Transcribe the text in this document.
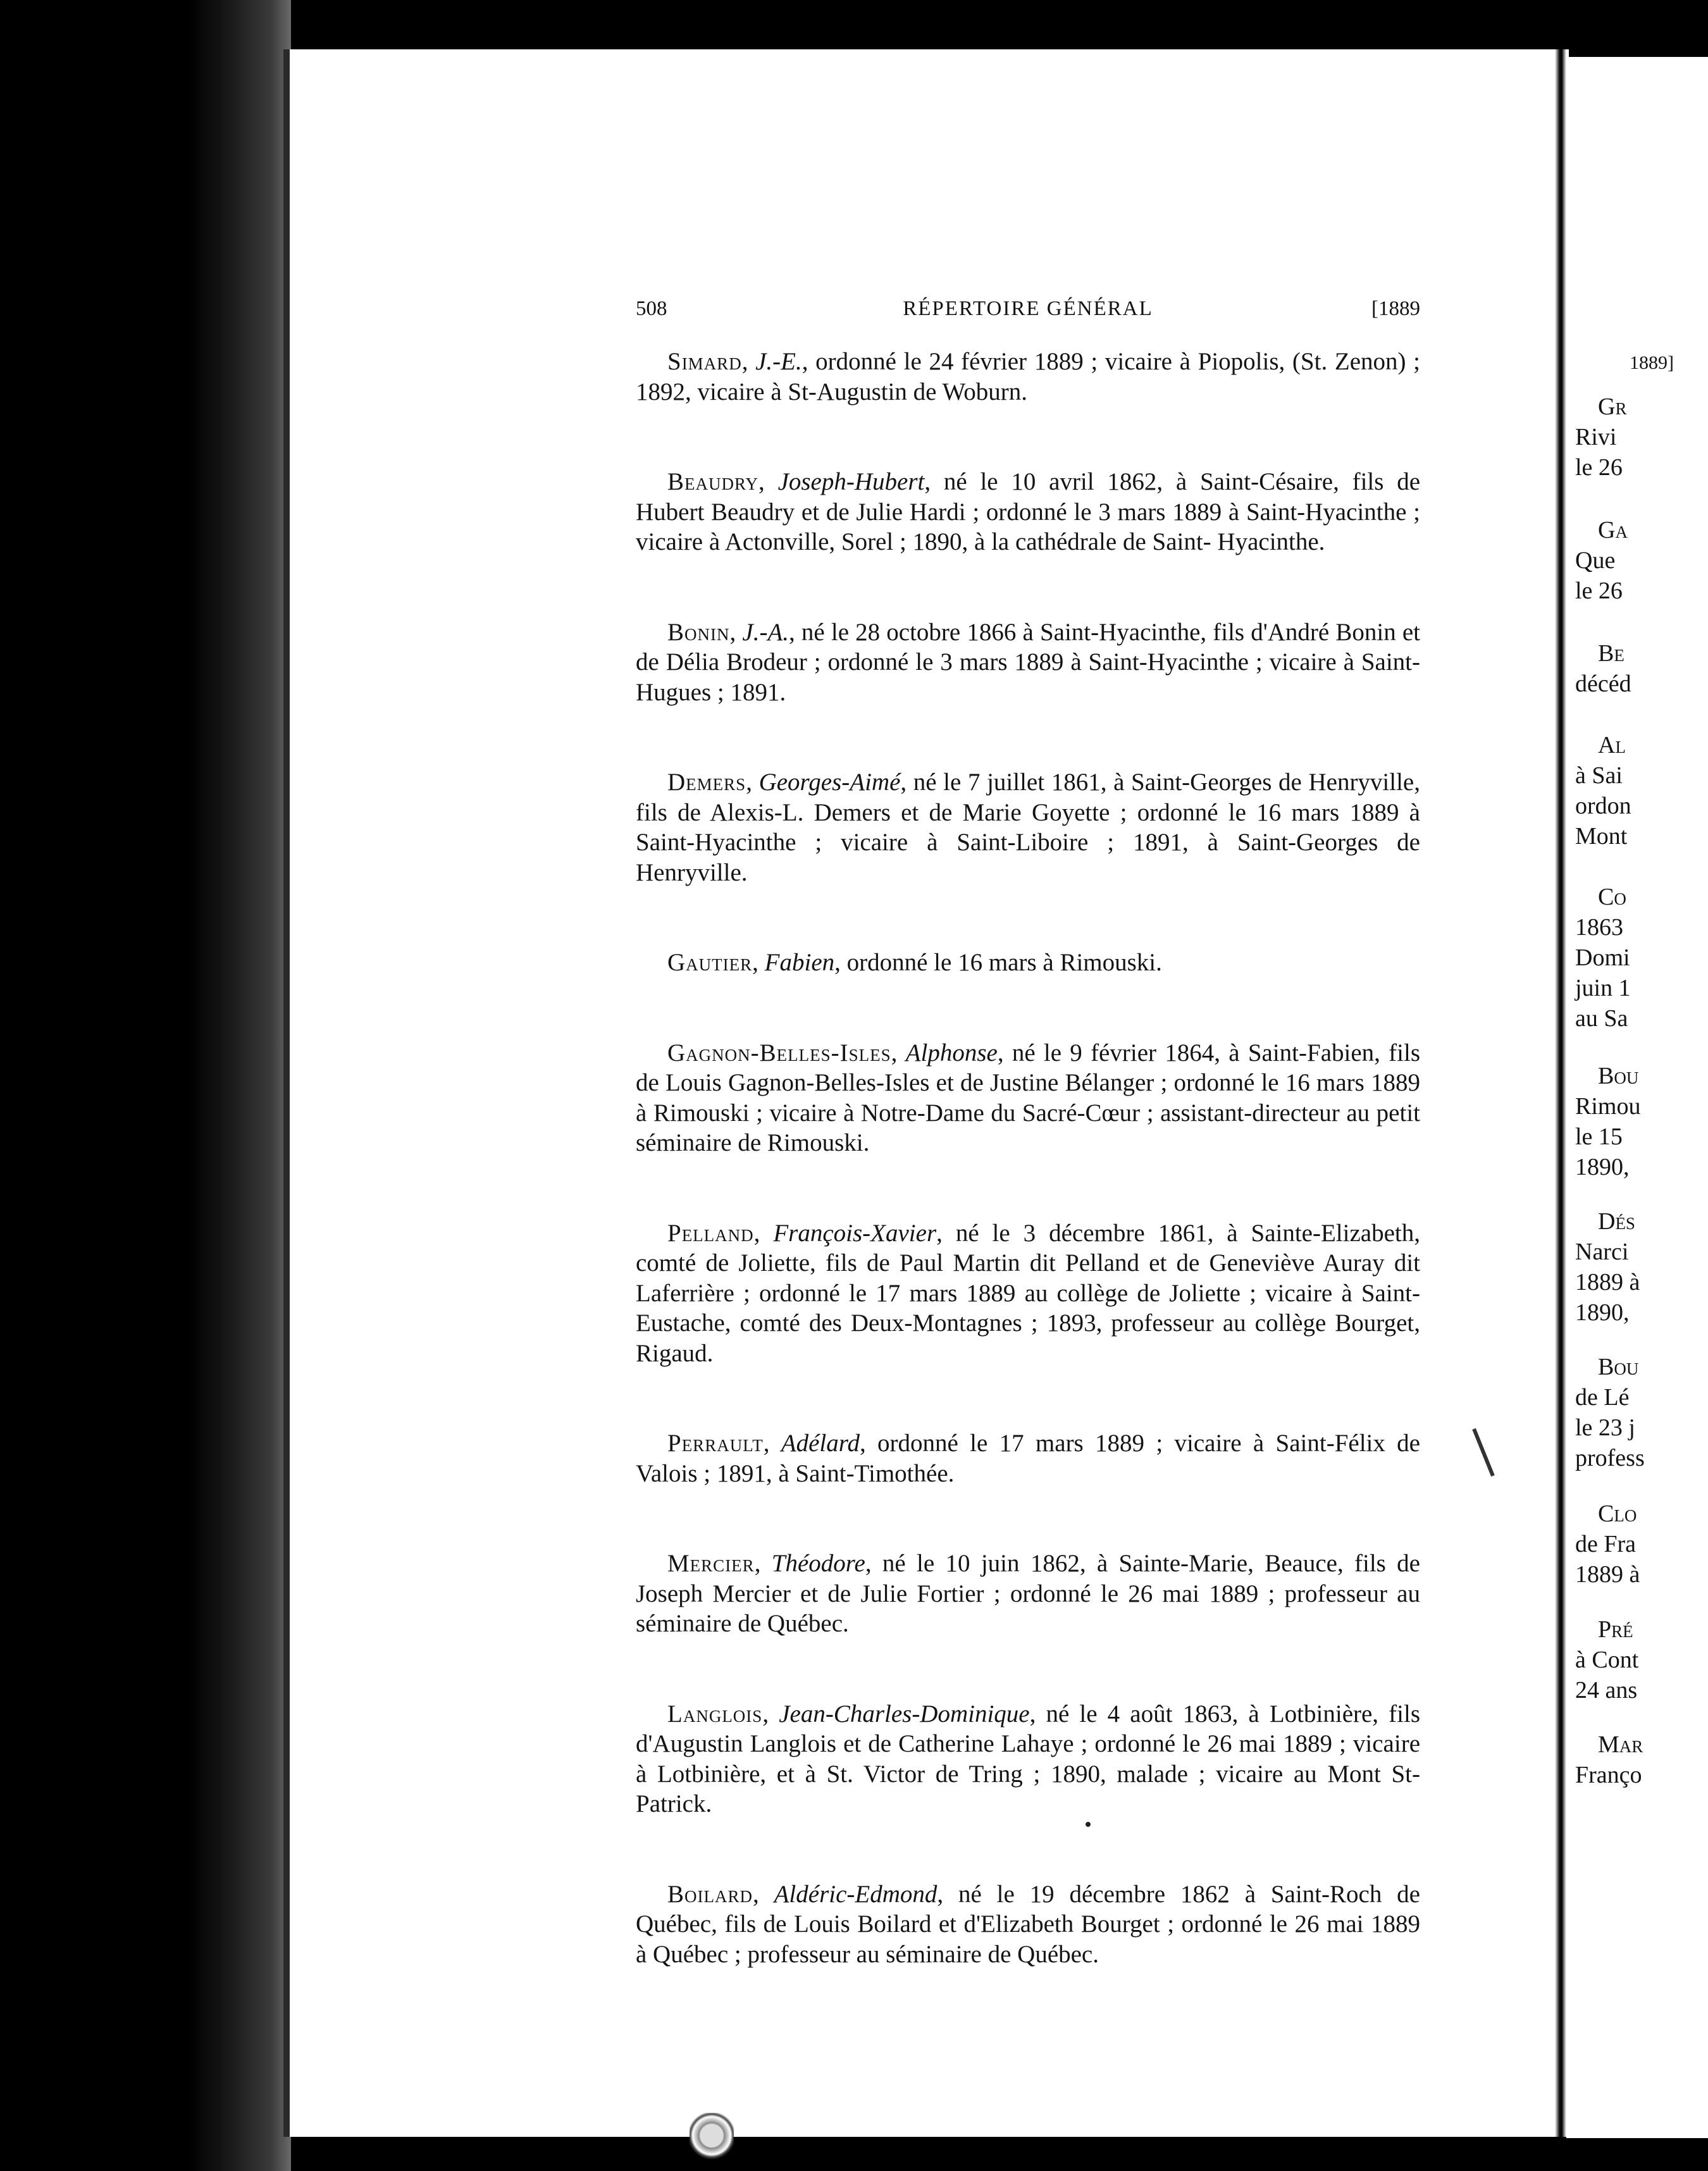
1889]
Gr
Rivi
le 26
Ga
Que
le 26
Be
décéd
Al
à Sai
ordon
Mont
Co
1863
Domi
juin 1
au Sa
Bou
Rimou
le 15
1890,
Dés
Narci
1889 à
1890,
Bou
de Lé
le 23 j
profess
Clo
de Fra
1889 à
Pré
à Cont
24 ans
Mar
Franço
508	RÉPERTOIRE GÉNÉRAL	[1889

Simard, J.-E., ordonné le 24 février 1889 ; vicaire à Piopolis, (St. Zenon) ; 1892, vicaire à St-Augustin de Woburn.

Beaudry, Joseph-Hubert, né le 10 avril 1862, à Saint-Césaire, fils de Hubert Beaudry et de Julie Hardi ; ordonné le 3 mars 1889 à Saint-Hyacinthe ; vicaire à Actonville, Sorel ; 1890, à la cathédrale de Saint- Hyacinthe.

Bonin, J.-A., né le 28 octobre 1866 à Saint-Hyacinthe, fils d'André Bonin et de Délia Brodeur ; ordonné le 3 mars 1889 à Saint-Hyacinthe ; vicaire à Saint-Hugues ; 1891.

Demers, Georges-Aimé, né le 7 juillet 1861, à Saint-Georges de Henryville, fils de Alexis-L. Demers et de Marie Goyette ; ordonné le 16 mars 1889 à Saint-Hyacinthe ; vicaire à Saint-Liboire ; 1891, à Saint-Georges de Henryville.

Gautier, Fabien, ordonné le 16 mars à Rimouski.

Gagnon-Belles-Isles, Alphonse, né le 9 février 1864, à Saint-Fabien, fils de Louis Gagnon-Belles-Isles et de Justine Bélanger ; ordonné le 16 mars 1889 à Rimouski ; vicaire à Notre-Dame du Sacré-Cœur ; assistant-directeur au petit séminaire de Rimouski.

Pelland, François-Xavier, né le 3 décembre 1861, à Sainte-Elizabeth, comté de Joliette, fils de Paul Martin dit Pelland et de Geneviève Auray dit Laferrière ; ordonné le 17 mars 1889 au collège de Joliette ; vicaire à Saint-Eustache, comté des Deux-Montagnes ; 1893, professeur au collège Bourget, Rigaud.

Perrault, Adélard, ordonné le 17 mars 1889 ; vicaire à Saint-Félix de Valois ; 1891, à Saint-Timothée.

Mercier, Théodore, né le 10 juin 1862, à Sainte-Marie, Beauce, fils de Joseph Mercier et de Julie Fortier ; ordonné le 26 mai 1889 ; professeur au séminaire de Québec.

Langlois, Jean-Charles-Dominique, né le 4 août 1863, à Lotbinière, fils d'Augustin Langlois et de Catherine Lahaye ; ordonné le 26 mai 1889 ; vicaire à Lotbinière, et à St. Victor de Tring ; 1890, malade ; vicaire au Mont St-Patrick.

Boilard, Aldéric-Edmond, né le 19 décembre 1862 à Saint-Roch de Québec, fils de Louis Boilard et d'Elizabeth Bourget ; ordonné le 26 mai 1889 à Québec ; professeur au séminaire de Québec.
